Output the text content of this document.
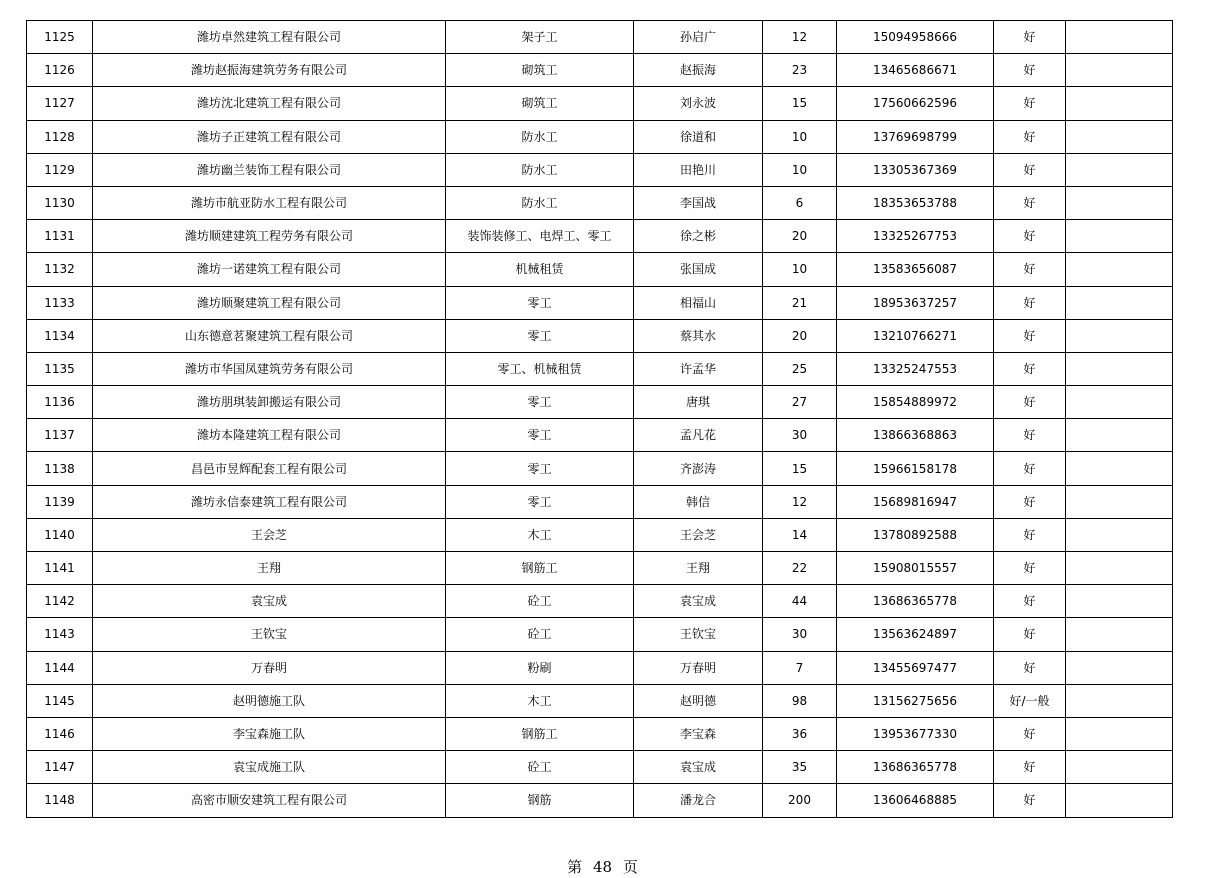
1125	潍坊卓然建筑工程有限公司	架子工	孙启广	12	15094958666	好	
1126	潍坊赵振海建筑劳务有限公司	砌筑工	赵振海	23	13465686671	好	
1127	潍坊沈北建筑工程有限公司	砌筑工	刘永波	15	17560662596	好	
1128	潍坊子正建筑工程有限公司	防水工	徐道和	10	13769698799	好	
1129	潍坊幽兰装饰工程有限公司	防水工	田艳川	10	13305367369	好	
1130	潍坊市航亚防水工程有限公司	防水工	李国战	6	18353653788	好	
1131	潍坊顺建建筑工程劳务有限公司	装饰装修工、电焊工、零工	徐之彬	20	13325267753	好	
1132	潍坊一诺建筑工程有限公司	机械租赁	张国成	10	13583656087	好	
1133	潍坊顺聚建筑工程有限公司	零工	相福山	21	18953637257	好	
1134	山东德意茗聚建筑工程有限公司	零工	蔡其水	20	13210766271	好	
1135	潍坊市华国凤建筑劳务有限公司	零工、机械租赁	许孟华	25	13325247553	好	
1136	潍坊朋琪装卸搬运有限公司	零工	唐琪	27	15854889972	好	
1137	潍坊本隆建筑工程有限公司	零工	孟凡花	30	13866368863	好	
1138	昌邑市昱辉配套工程有限公司	零工	齐澎涛	15	15966158178	好	
1139	潍坊永信泰建筑工程有限公司	零工	韩信	12	15689816947	好	
1140	王会芝	木工	王会芝	14	13780892588	好	
1141	王翔	钢筋工	王翔	22	15908015557	好	
1142	袁宝成	砼工	袁宝成	44	13686365778	好	
1143	王钦宝	砼工	王钦宝	30	13563624897	好	
1144	万春明	粉刷	万春明	7	13455697477	好	
1145	赵明德施工队	木工	赵明德	98	13156275656	好/一般	
1146	李宝森施工队	钢筋工	李宝森	36	13953677330	好	
1147	袁宝成施工队	砼工	袁宝成	35	13686365778	好	
1148	高密市顺安建筑工程有限公司	钢筋	潘龙合	200	13606468885	好	
第 48 页
